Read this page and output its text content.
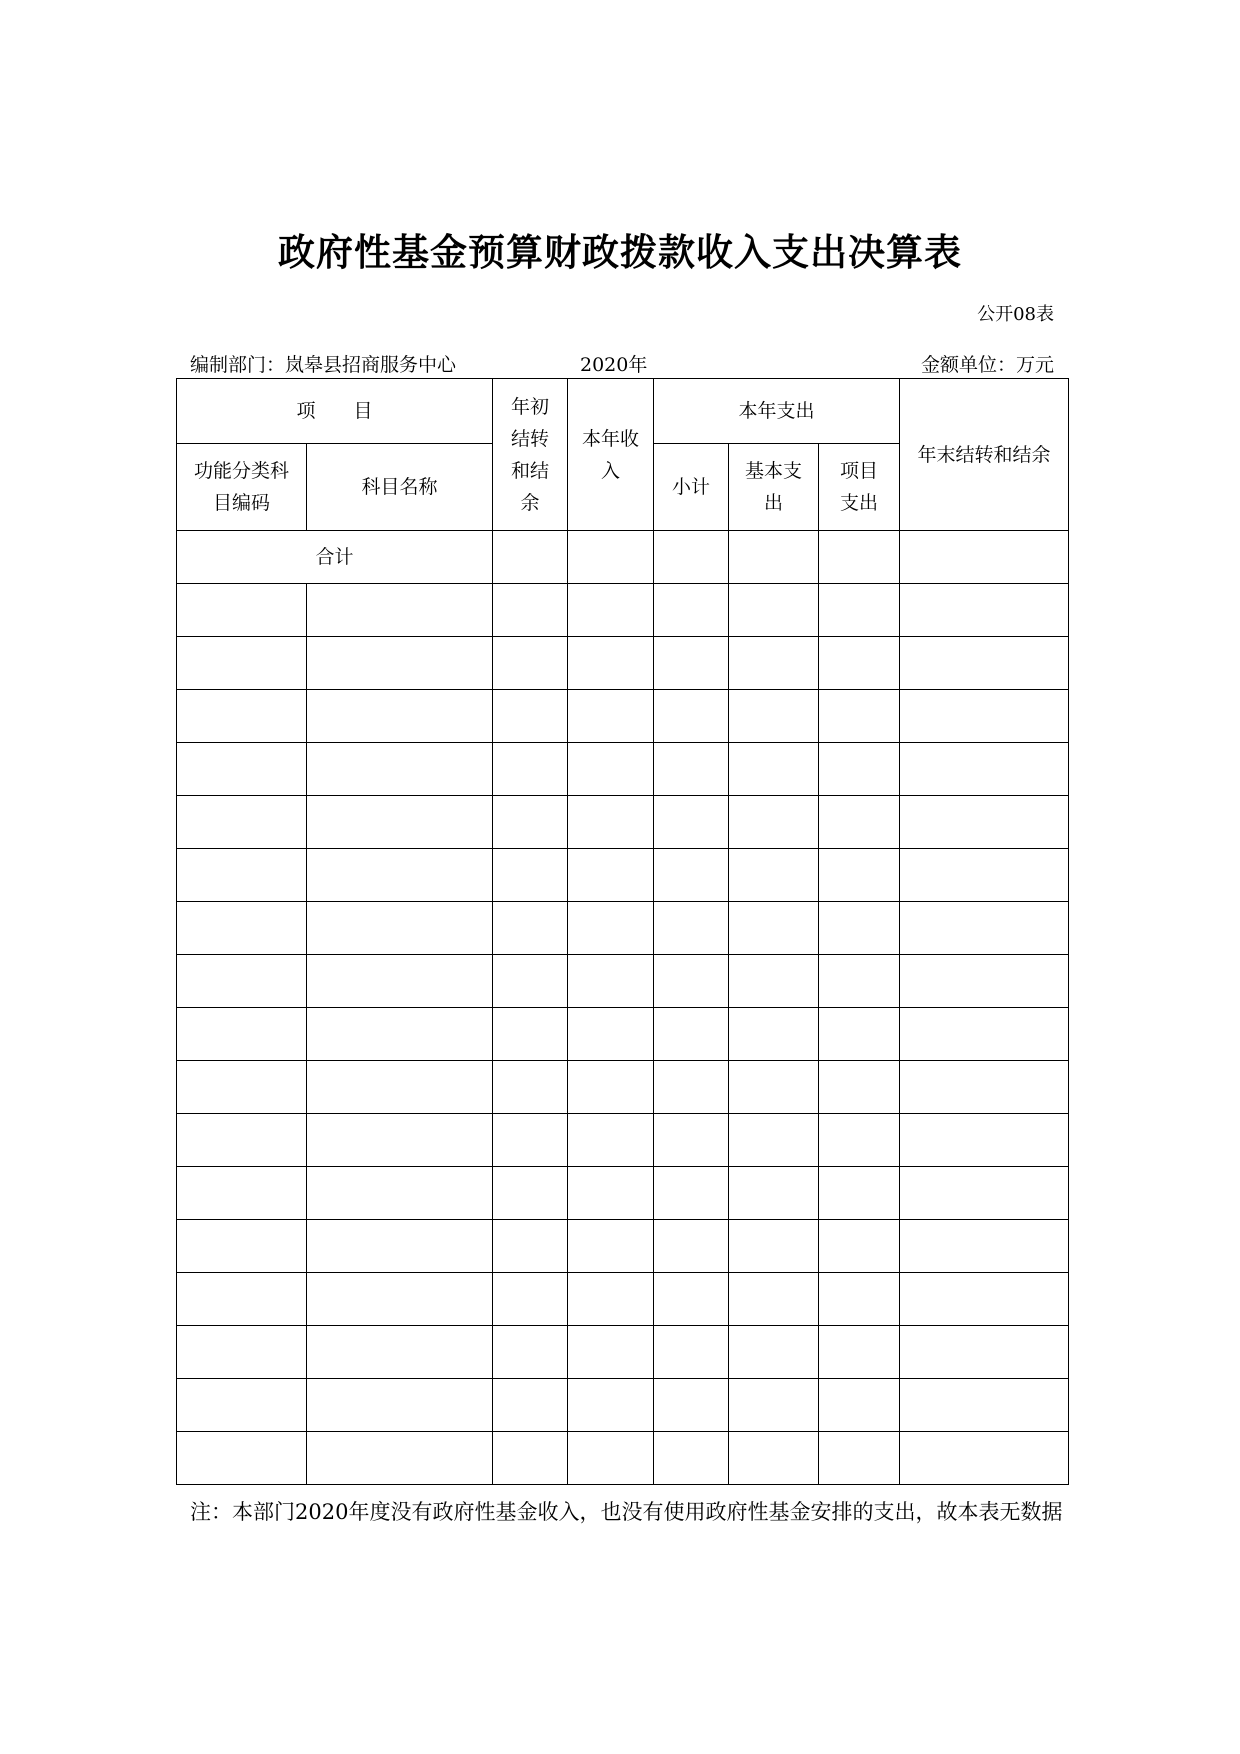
政府性基金预算财政拨款收入支出决算表
公开08表
编制部门：岚皋县招商服务中心	2020年	金额单位：万元
项　　目		年初结转和结余	本年收入	本年支出			年末结转和结余

功能分类科目编码	科目名称			小计	基本支出	项目支出	

合计							

注：本部门2020年度没有政府性基金收入，也没有使用政府性基金安排的支出，故本表无数据
